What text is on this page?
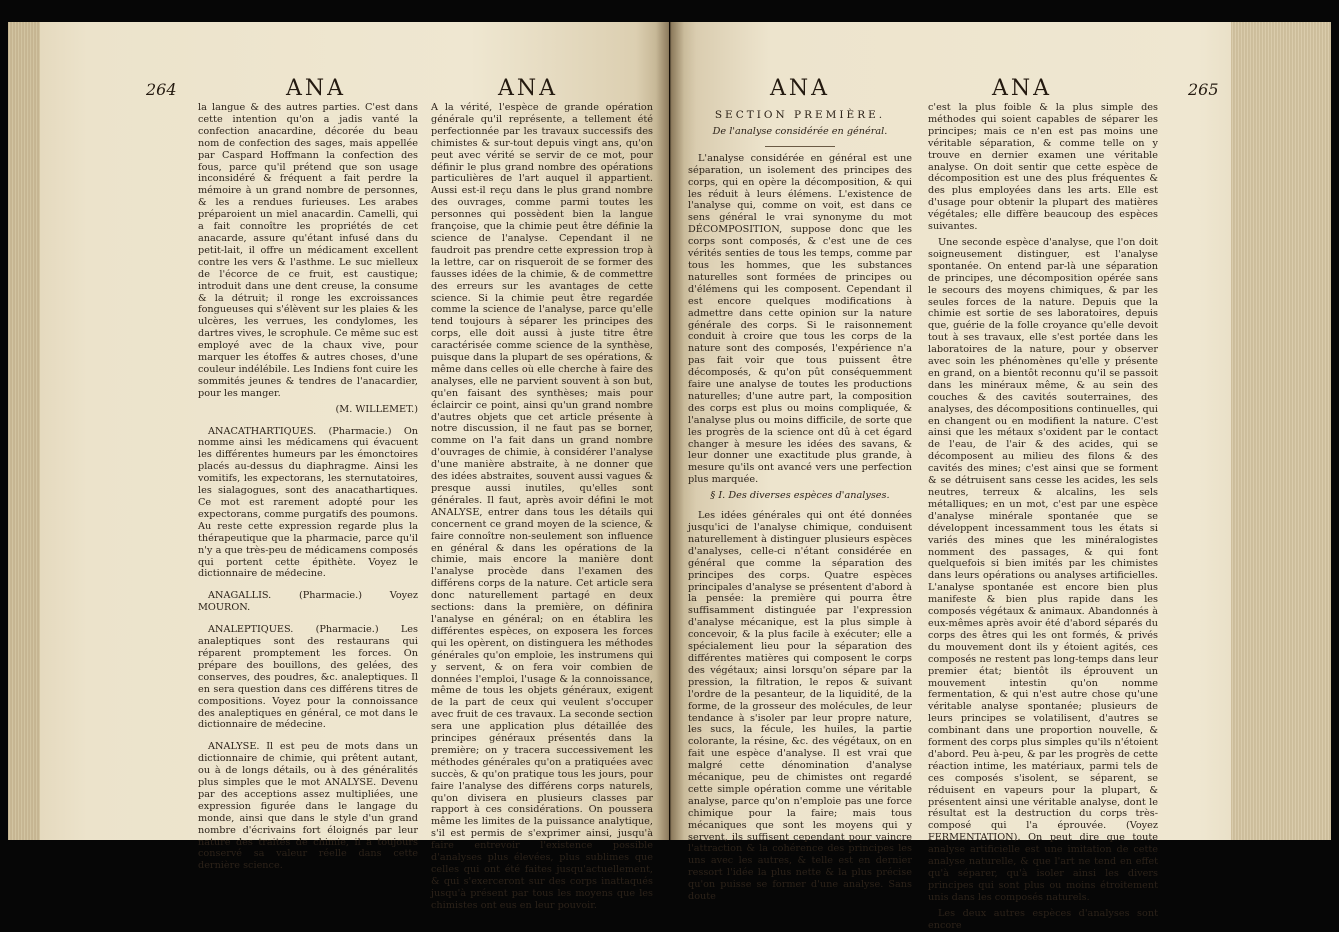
264	ANA	ANA

la langue & des autres parties. C'est dans cette intention qu'on a jadis vanté la confection anacardine, décorée du beau nom de confection des sages, mais appellée par Caspard Hoffmann la confection des fous, parce qu'il prétend que son usage inconsidéré & fréquent a fait perdre la mémoire à un grand nombre de personnes, & les a rendues furieuses. Les arabes préparoient un miel anacardin. Camelli, qui a fait connoître les propriétés de cet anacarde, assure qu'étant infusé dans du petit-lait, il offre un médicament excellent contre les vers & l'asthme. Le suc mielleux de l'écorce de ce fruit, est caustique; introduit dans une dent creuse, la consume & la détruit; il ronge les excroissances fongueuses qui s'élèvent sur les plaies & les ulcères, les verrues, les condylomes, les dartres vives, le scrophule. Ce même suc est employé avec de la chaux vive, pour marquer les étoffes & autres choses, d'une couleur indélébile. Les Indiens font cuire les sommités jeunes & tendres de l'anacardier, pour les manger.

(M. WILLEMET.)

ANACATHARTIQUES. (Pharmacie.) On nomme ainsi les médicamens qui évacuent les différentes humeurs par les émonctoires placés au-dessus du diaphragme. Ainsi les vomitifs, les expectorans, les sternutatoires, les sialagogues, sont des anacathartiques. Ce mot est rarement adopté pour les expectorans, comme purgatifs des poumons. Au reste cette expression regarde plus la thérapeutique que la pharmacie, parce qu'il n'y a que très-peu de médicamens composés qui portent cette épithète. Voyez le dictionnaire de médecine.

ANAGALLIS. (Pharmacie.) Voyez MOURON.

ANALEPTIQUES. (Pharmacie.) Les analeptiques sont des restaurans qui réparent promptement les forces. On prépare des bouillons, des gelées, des conserves, des poudres, &c. analeptiques. Il en sera question dans ces différens titres de compositions. Voyez pour la connoissance des analeptiques en général, ce mot dans le dictionnaire de médecine.

ANALYSE. Il est peu de mots dans un dictionnaire de chimie, qui prêtent autant, ou à de longs détails, ou à des généralités plus simples que le mot ANALYSE. Devenu par des acceptions assez multipliées, une expression figurée dans le langage du monde, ainsi que dans le style d'un grand nombre d'écrivains fort éloignés par leur nature des traités de chimie, il a toujours conservé sa valeur réelle dans cette dernière science.

A la vérité, l'espèce de grande opération générale qu'il représente, a tellement été perfectionnée par les travaux successifs des chimistes & sur-tout depuis vingt ans, qu'on peut avec vérité se servir de ce mot, pour définir le plus grand nombre des opérations particulières de l'art auquel il appartient. Aussi est-il reçu dans le plus grand nombre des ouvrages, comme parmi toutes les personnes qui possèdent bien la langue françoise, que la chimie peut être définie la science de l'analyse. Cependant il ne faudroit pas prendre cette expression trop à la lettre, car on risqueroit de se former des fausses idées de la chimie, & de commettre des erreurs sur les avantages de cette science. Si la chimie peut être regardée comme la science de l'analyse, parce qu'elle tend toujours à séparer les principes des corps, elle doit aussi à juste titre être caractérisée comme science de la synthèse, puisque dans la plupart de ses opérations, & même dans celles où elle cherche à faire des analyses, elle ne parvient souvent à son but, qu'en faisant des synthèses; mais pour éclaircir ce point, ainsi qu'un grand nombre d'autres objets que cet article présente à notre discussion, il ne faut pas se borner, comme on l'a fait dans un grand nombre d'ouvrages de chimie, à considérer l'analyse d'une manière abstraite, à ne donner que des idées abstraites, souvent aussi vagues & presque aussi inutiles, qu'elles sont générales. Il faut, après avoir défini le mot ANALYSE, entrer dans tous les détails qui concernent ce grand moyen de la science, & faire connoître non-seulement son influence en général & dans les opérations de la chimie, mais encore la manière dont l'analyse procède dans l'examen des différens corps de la nature. Cet article sera donc naturellement partagé en deux sections: dans la première, on définira l'analyse en général; on en établira les différentes espèces, on exposera les forces qui les opèrent, on distinguera les méthodes générales qu'on emploie, les instrumens qui y servent, & on fera voir combien de données l'emploi, l'usage & la connoissance, même de tous les objets généraux, exigent de la part de ceux qui veulent s'occuper avec fruit de ces travaux. La seconde section sera une application plus détaillée des principes généraux présentés dans la première; on y tracera successivement les méthodes générales qu'on a pratiquées avec succès, & qu'on pratique tous les jours, pour faire l'analyse des différens corps naturels, qu'on divisera en plusieurs classes par rapport à ces considérations. On poussera même les limites de la puissance analytique, s'il est permis de s'exprimer ainsi, jusqu'à faire entrevoir l'existence possible d'analyses plus élevées, plus sublimes que celles qui ont été faites jusqu'actuellement, & qui s'exerceront sur des corps inattaqués jusqu'à présent par tous les moyens que les chimistes ont eus en leur pouvoir.

ANA	ANA	265

SECTION PREMIÈRE.

De l'analyse considérée en général.

L'analyse considérée en général est une séparation, un isolement des principes des corps, qui en opère la décomposition, & qui les réduit à leurs élémens. L'existence de l'analyse qui, comme on voit, est dans ce sens général le vrai synonyme du mot DÉCOMPOSITION, suppose donc que les corps sont composés, & c'est une de ces vérités senties de tous les temps, comme par tous les hommes, que les substances naturelles sont formées de principes ou d'élémens qui les composent. Cependant il est encore quelques modifications à admettre dans cette opinion sur la nature générale des corps. Si le raisonnement conduit à croire que tous les corps de la nature sont des composés, l'expérience n'a pas fait voir que tous puissent être décomposés, & qu'on pût conséquemment faire une analyse de toutes les productions naturelles; d'une autre part, la composition des corps est plus ou moins compliquée, & l'analyse plus ou moins difficile, de sorte que les progrès de la science ont dû à cet égard changer à mesure les idées des savans, & leur donner une exactitude plus grande, à mesure qu'ils ont avancé vers une perfection plus marquée.

§ I. Des diverses espèces d'analyses.

Les idées générales qui ont été données jusqu'ici de l'analyse chimique, conduisent naturellement à distinguer plusieurs espèces d'analyses, celle-ci n'étant considérée en général que comme la séparation des principes des corps. Quatre espèces principales d'analyse se présentent d'abord à la pensée: la première qui pourra être suffisamment distinguée par l'expression d'analyse mécanique, est la plus simple à concevoir, & la plus facile à exécuter; elle a spécialement lieu pour la séparation des différentes matières qui composent le corps des végétaux; ainsi lorsqu'on sépare par la pression, la filtration, le repos & suivant l'ordre de la pesanteur, de la liquidité, de la forme, de la grosseur des molécules, de leur tendance à s'isoler par leur propre nature, les sucs, la fécule, les huiles, la partie colorante, la résine, &c. des végétaux, on en fait une espèce d'analyse. Il est vrai que malgré cette dénomination d'analyse mécanique, peu de chimistes ont regardé cette simple opération comme une véritable analyse, parce qu'on n'emploie pas une force chimique pour la faire; mais tous mécaniques que sont les moyens qui y servent, ils suffisent cependant pour vaincre l'attraction & la cohérence des principes les uns avec les autres, & telle est en dernier ressort l'idée la plus nette & la plus précise qu'on puisse se former d'une analyse. Sans doute

c'est la plus foible & la plus simple des méthodes qui soient capables de séparer les principes; mais ce n'en est pas moins une véritable séparation, & comme telle on y trouve en dernier examen une véritable analyse. On doit sentir que cette espèce de décomposition est une des plus fréquentes & des plus employées dans les arts. Elle est d'usage pour obtenir la plupart des matières végétales; elle diffère beaucoup des espèces suivantes.

Une seconde espèce d'analyse, que l'on doit soigneusement distinguer, est l'analyse spontanée. On entend par-là une séparation de principes, une décomposition opérée sans le secours des moyens chimiques, & par les seules forces de la nature. Depuis que la chimie est sortie de ses laboratoires, depuis que, guérie de la folle croyance qu'elle devoit tout à ses travaux, elle s'est portée dans les laboratoires de la nature, pour y observer avec soin les phénomènes qu'elle y présente en grand, on a bientôt reconnu qu'il se passoit dans les minéraux même, & au sein des couches & des cavités souterraines, des analyses, des décompositions continuelles, qui en changent ou en modifient la nature. C'est ainsi que les métaux s'oxident par le contact de l'eau, de l'air & des acides, qui se décomposent au milieu des filons & des cavités des mines; c'est ainsi que se forment & se détruisent sans cesse les acides, les sels neutres, terreux & alcalins, les sels métalliques; en un mot, c'est par une espèce d'analyse minérale spontanée que se développent incessamment tous les états si variés des mines que les minéralogistes nomment des passages, & qui font quelquefois si bien imités par les chimistes dans leurs opérations ou analyses artificielles. L'analyse spontanée est encore bien plus manifeste & bien plus rapide dans les composés végétaux & animaux. Abandonnés à eux-mêmes après avoir été d'abord séparés du corps des êtres qui les ont formés, & privés du mouvement dont ils y étoient agités, ces composés ne restent pas long-temps dans leur premier état; bientôt ils éprouvent un mouvement intestin qu'on nomme fermentation, & qui n'est autre chose qu'une véritable analyse spontanée; plusieurs de leurs principes se volatilisent, d'autres se combinant dans une proportion nouvelle, & forment des corps plus simples qu'ils n'étoient d'abord. Peu à-peu, & par les progrès de cette réaction intime, les matériaux, parmi tels de ces composés s'isolent, se séparent, se réduisent en vapeurs pour la plupart, & présentent ainsi une véritable analyse, dont le résultat est la destruction du corps très-composé qui l'a éprouvée. (Voyez FERMENTATION). On peut dire que toute analyse artificielle est une imitation de cette analyse naturelle, & que l'art ne tend en effet qu'à séparer, qu'à isoler ainsi les divers principes qui sont plus ou moins étroitement unis dans les composés naturels.

Les deux autres espèces d'analyses sont encore
